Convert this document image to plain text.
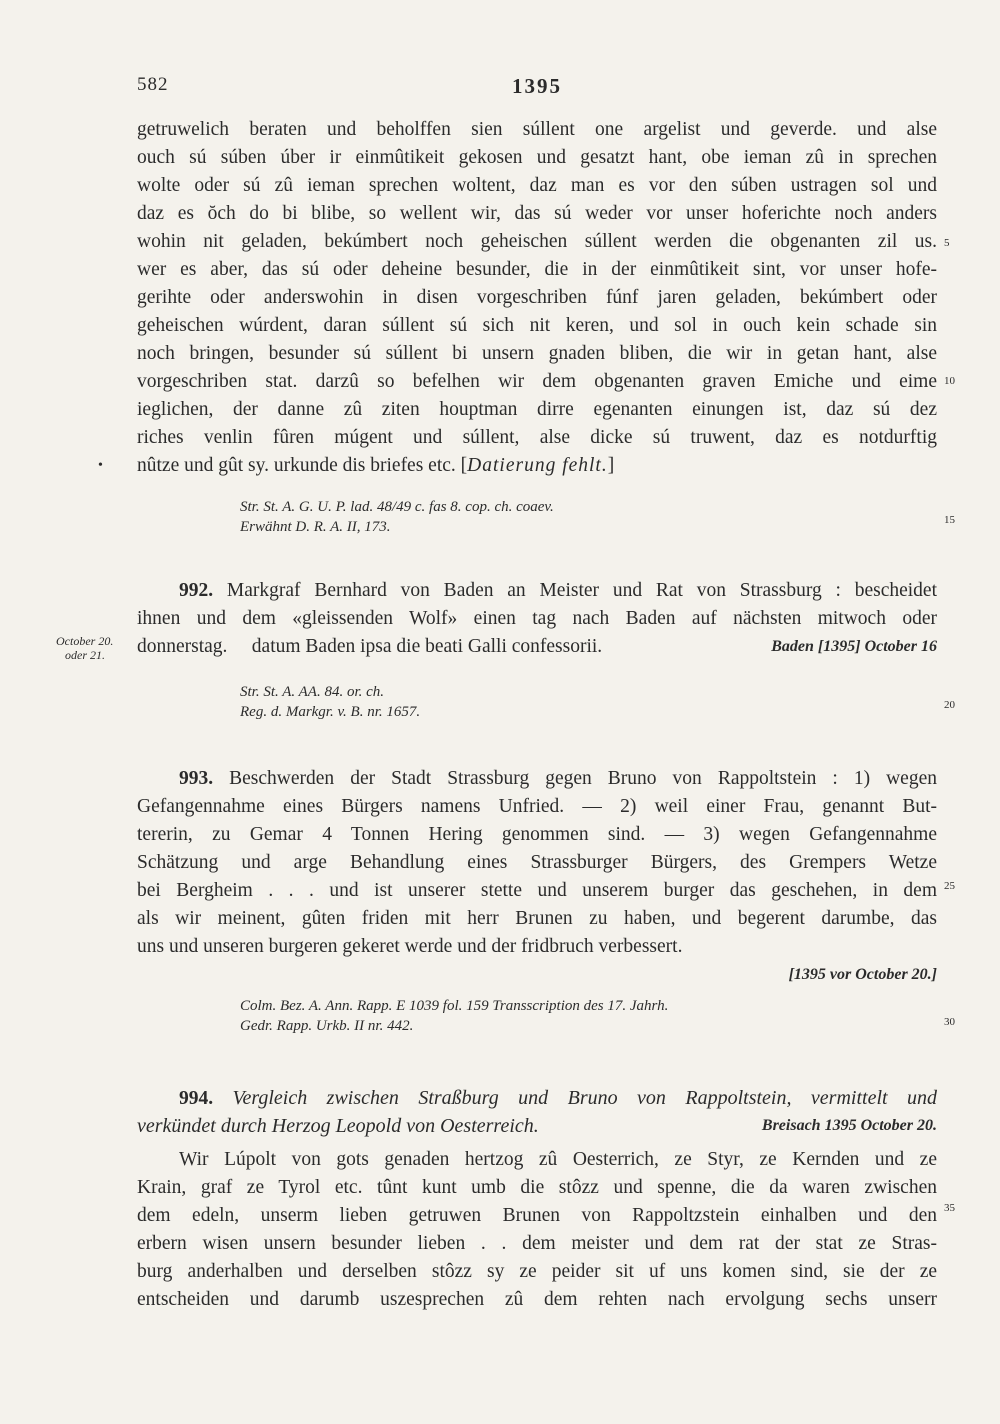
582	1395
getruwelich beraten und beholffen sien súllent one argelist und geverde. und alse
ouch sú súben úber ir einmûtikeit gekosen und gesatzt hant, obe ieman zû in sprechen
wolte oder sú zû ieman sprechen woltent, daz man es vor den súben ustragen sol und
daz es ŏch do bi blibe, so wellent wir, das sú weder vor unser hoferichte noch anders
wohin nit geladen, bekúmbert noch geheischen súllent werden die obgenanten zil us.
wer es aber, das sú oder deheine besunder, die in der einmûtikeit sint, vor unser hofe-
gerihte oder anderswohin in disen vorgeschriben fúnf jaren geladen, bekúmbert oder
geheischen wúrdent, daran súllent sú sich nit keren, und sol in ouch kein schade sin
noch bringen, besunder sú súllent bi unsern gnaden bliben, die wir in getan hant, alse
vorgeschriben stat. darzû so befelhen wir dem obgenanten graven Emiche und eime
ieglichen, der danne zû ziten houptman dirre egenanten einungen ist, daz sú dez
riches venlin fûren múgent und súllent, alse dicke sú truwent, daz es notdurftig
nûtze und gût sy. urkunde dis briefes etc. [Datierung fehlt.]
•
Str. St. A. G. U. P. lad. 48/49 c. fas 8. cop. ch. coaev.
Erwähnt D. R. A. II, 173.
992. Markgraf Bernhard von Baden an Meister und Rat von Strassburg : bescheidet
ihnen und dem «gleissenden Wolf» einen tag nach Baden auf nächsten mitwoch oder
donnerstag.     datum Baden ipsa die beati Galli confessorii.	Baden [1395] October 16
October 20.
oder 21.
Str. St. A. AA. 84. or. ch.
Reg. d. Markgr. v. B. nr. 1657.
993. Beschwerden der Stadt Strassburg gegen Bruno von Rappoltstein : 1) wegen
Gefangennahme eines Bürgers namens Unfried. — 2) weil einer Frau, genannt But-
tererin, zu Gemar 4 Tonnen Hering genommen sind. — 3) wegen Gefangennahme
Schätzung und arge Behandlung eines Strassburger Bürgers, des Grempers Wetze
bei Bergheim . . . und ist unserer stette und unserem burger das geschehen, in dem
als wir meinent, gûten friden mit herr Brunen zu haben, und begerent darumbe, das
uns und unseren burgeren gekeret werde und der fridbruch verbessert.
[1395 vor October 20.]
Colm. Bez. A. Ann. Rapp. E 1039 fol. 159 Transscription des 17. Jahrh.
Gedr. Rapp. Urkb. II nr. 442.
994. Vergleich zwischen Straßburg und Bruno von Rappoltstein, vermittelt und
verkündet durch Herzog Leopold von Oesterreich.	Breisach 1395 October 20.
Wir Lúpolt von gots genaden hertzog zû Oesterrich, ze Styr, ze Kernden und ze
Krain, graf ze Tyrol etc. tûnt kunt umb die stôzz und spenne, die da waren zwischen
dem edeln, unserm lieben getruwen Brunen von Rappoltzstein einhalben und den
erbern wisen unsern besunder lieben . . dem meister und dem rat der stat ze Stras-
burg anderhalben und derselben stôzz sy ze peider sit uf uns komen sind, sie der ze
entscheiden und darumb uszesprechen zû dem rehten nach ervolgung sechs unserr
5
10
15
20
25
30
35
